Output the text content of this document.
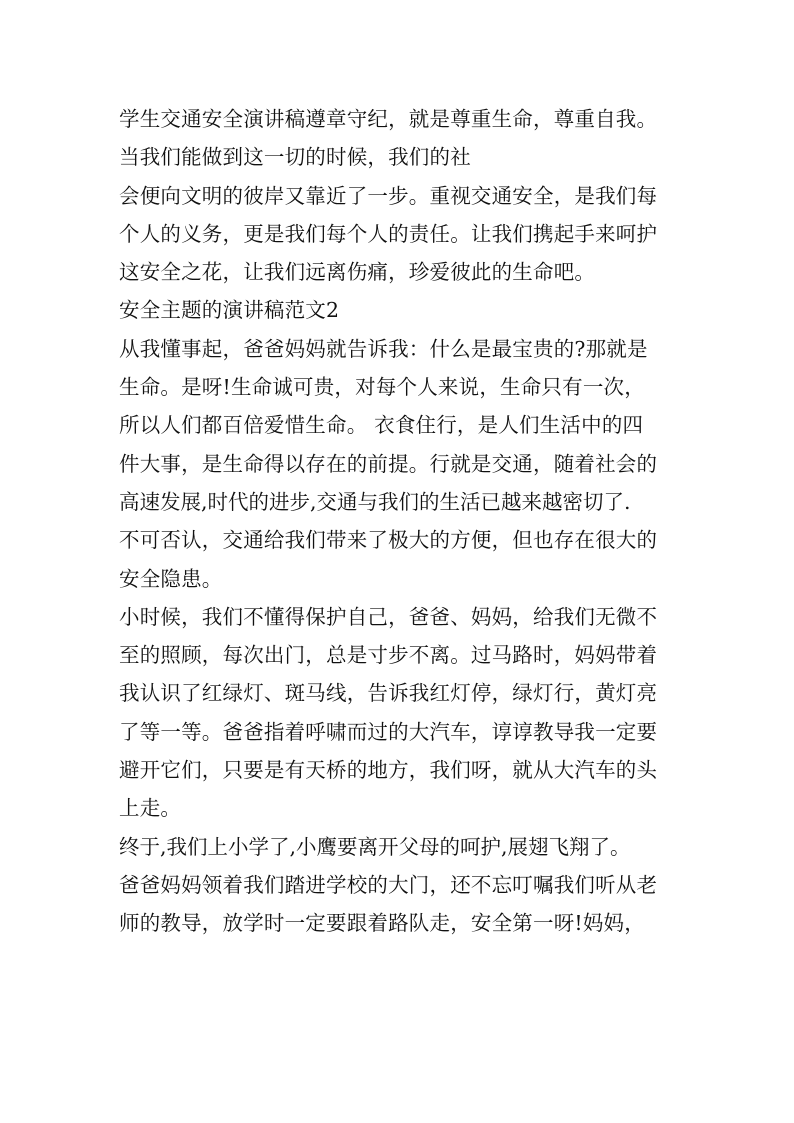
学生交通安全演讲稿遵章守纪，就是尊重生命，尊重自我。
当我们能做到这一切的时候，我们的社
会便向文明的彼岸又靠近了一步。重视交通安全，是我们每
个人的义务，更是我们每个人的责任。让我们携起手来呵护
这安全之花，让我们远离伤痛，珍爱彼此的生命吧。
安全主题的演讲稿范文2
从我懂事起，爸爸妈妈就告诉我：什么是最宝贵的?那就是
生命。是呀!生命诚可贵，对每个人来说，生命只有一次，
所以人们都百倍爱惜生命。 衣食住行，是人们生活中的四
件大事，是生命得以存在的前提。行就是交通，随着社会的
高速发展,时代的进步,交通与我们的生活已越来越密切了.
不可否认，交通给我们带来了极大的方便，但也存在很大的
安全隐患。
小时候，我们不懂得保护自己，爸爸、妈妈，给我们无微不
至的照顾，每次出门，总是寸步不离。过马路时，妈妈带着
我认识了红绿灯、斑马线，告诉我红灯停，绿灯行，黄灯亮
了等一等。爸爸指着呼啸而过的大汽车，谆谆教导我一定要
避开它们，只要是有天桥的地方，我们呀，就从大汽车的头
上走。
终于,我们上小学了,小鹰要离开父母的呵护,展翅飞翔了。
爸爸妈妈领着我们踏进学校的大门，还不忘叮嘱我们听从老
师的教导，放学时一定要跟着路队走，安全第一呀!妈妈，
